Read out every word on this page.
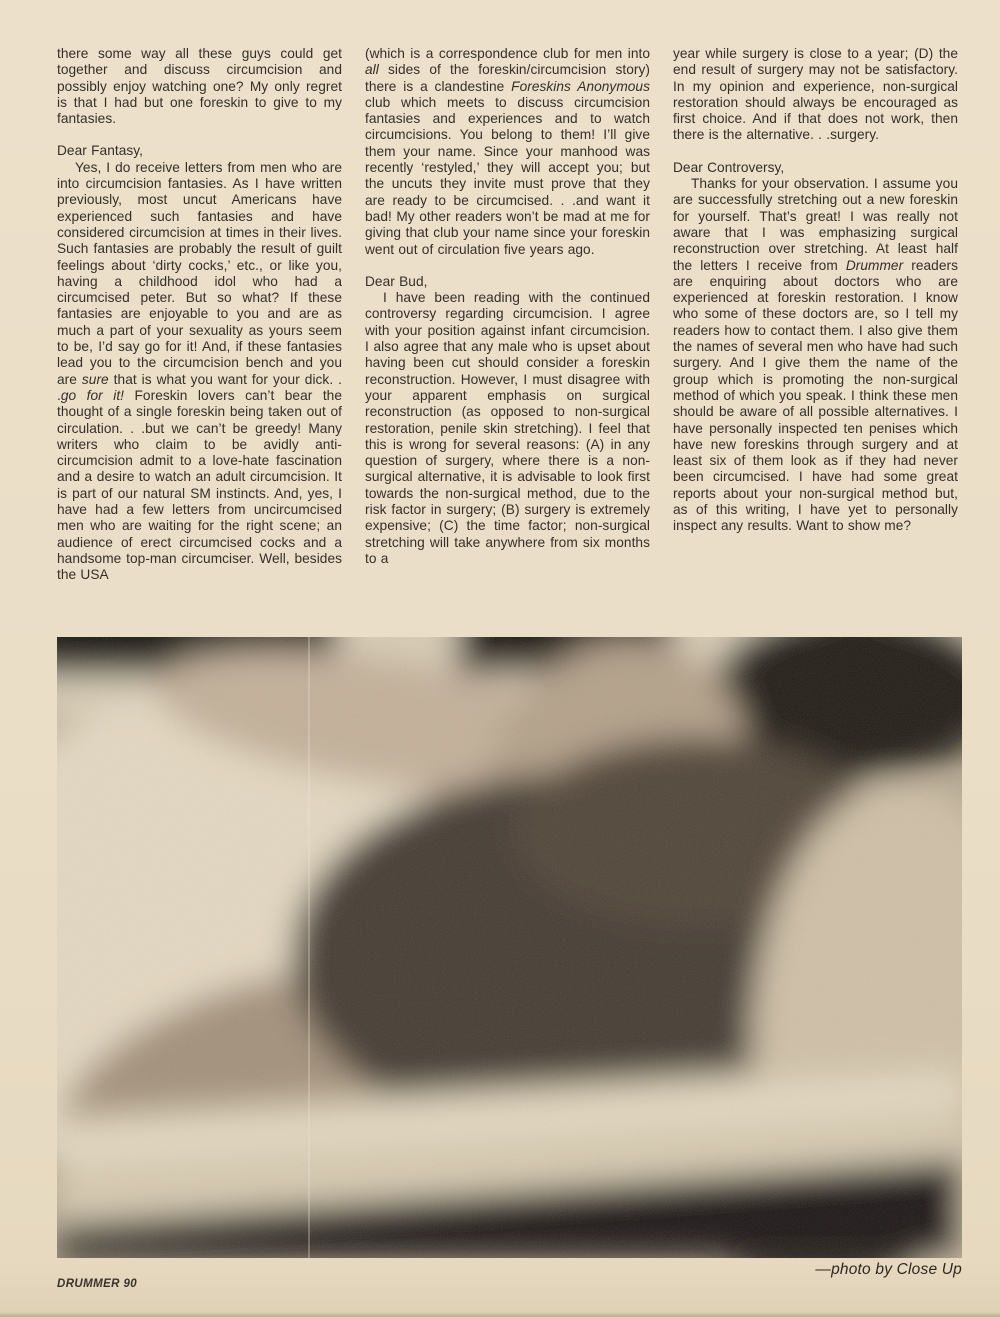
there some way all these guys could get together and discuss circumcision and possibly enjoy watching one? My only regret is that I had but one foreskin to give to my fantasies.

Dear Fantasy,

Yes, I do receive letters from men who are into circumcision fantasies. As I have written previously, most uncut Americans have experienced such fantasies and have considered circumcision at times in their lives. Such fantasies are probably the result of guilt feelings about ‘dirty cocks,’ etc., or like you, having a childhood idol who had a circumcised peter. But so what? If these fantasies are enjoyable to you and are as much a part of your sexuality as yours seem to be, I’d say go for it! And, if these fantasies lead you to the circumcision bench and you are sure that is what you want for your dick. . .go for it! Foreskin lovers can’t bear the thought of a single foreskin being taken out of circulation. . .but we can’t be greedy! Many writers who claim to be avidly anti-circumcision admit to a love-hate fascination and a desire to watch an adult circumcision. It is part of our natural SM instincts. And, yes, I have had a few letters from uncircumcised men who are waiting for the right scene; an audience of erect circumcised cocks and a handsome top-man circumciser. Well, besides the USA

(which is a correspondence club for men into all sides of the foreskin/circumcision story) there is a clandestine Foreskins Anonymous club which meets to discuss circumcision fantasies and experiences and to watch circumcisions. You belong to them! I’ll give them your name. Since your manhood was recently ‘restyled,’ they will accept you; but the uncuts they invite must prove that they are ready to be circumcised. . .and want it bad! My other readers won’t be mad at me for giving that club your name since your foreskin went out of circulation five years ago.

Dear Bud,

I have been reading with the continued controversy regarding circumcision. I agree with your position against infant circumcision. I also agree that any male who is upset about having been cut should consider a foreskin reconstruction. However, I must disagree with your apparent emphasis on surgical reconstruction (as opposed to non-surgical restoration, penile skin stretching). I feel that this is wrong for several reasons: (A) in any question of surgery, where there is a non-surgical alternative, it is advisable to look first towards the non-surgical method, due to the risk factor in surgery; (B) surgery is extremely expensive; (C) the time factor; non-surgical stretching will take anywhere from six months to a

year while surgery is close to a year; (D) the end result of surgery may not be satisfactory. In my opinion and experience, non-surgical restoration should always be encouraged as first choice. And if that does not work, then there is the alternative. . .surgery.

Dear Controversy,

Thanks for your observation. I assume you are successfully stretching out a new foreskin for yourself. That’s great! I was really not aware that I was emphasizing surgical reconstruction over stretching. At least half the letters I receive from Drummer readers are enquiring about doctors who are experienced at foreskin restoration. I know who some of these doctors are, so I tell my readers how to contact them. I also give them the names of several men who have had such surgery. And I give them the name of the group which is promoting the non-surgical method of which you speak. I think these men should be aware of all possible alternatives. I have personally inspected ten penises which have new foreskins through surgery and at least six of them look as if they had never been circumcised. I have had some great reports about your non-surgical method but, as of this writing, I have yet to personally inspect any results. Want to show me?

—photo by Close Up
DRUMMER 90
